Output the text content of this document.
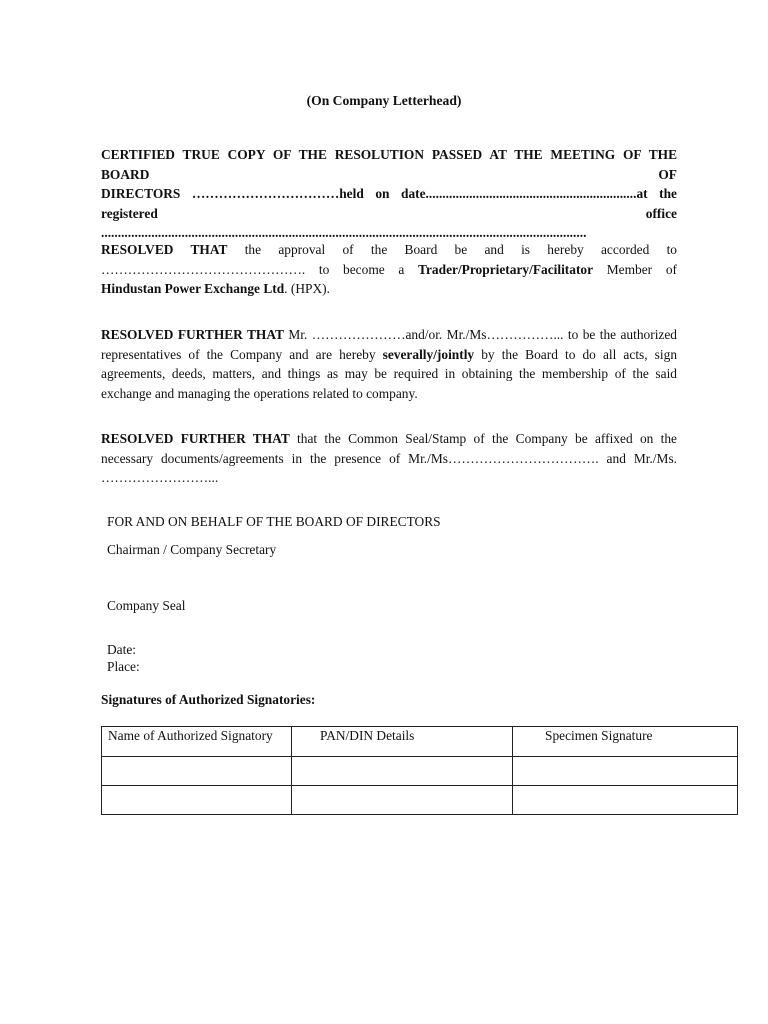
(On Company Letterhead)
CERTIFIED TRUE COPY OF THE RESOLUTION PASSED AT THE MEETING OF THE BOARD OF
DIRECTORS ……………………………held on date...............................................................at the
registered office .................................................................................................................................................
RESOLVED THAT the approval of the Board be and is hereby accorded to ………………………………………. to become a Trader/Proprietary/Facilitator Member of Hindustan Power Exchange Ltd. (HPX).
RESOLVED FURTHER THAT Mr. …………………and/or. Mr./Ms……………... to be the authorized representatives of the Company and are hereby severally/jointly by the Board to do all acts, sign agreements, deeds, matters, and things as may be required in obtaining the membership of the said exchange and managing the operations related to company.
RESOLVED FURTHER THAT that the Common Seal/Stamp of the Company be affixed on the necessary documents/agreements in the presence of Mr./Ms……………………………. and Mr./Ms. ……………………...
FOR AND ON BEHALF OF THE BOARD OF DIRECTORS
Chairman / Company Secretary
Company Seal
Date:
Place:
Signatures of Authorized Signatories:
Name of Authorized Signatory	PAN/DIN Details	Specimen Signature
